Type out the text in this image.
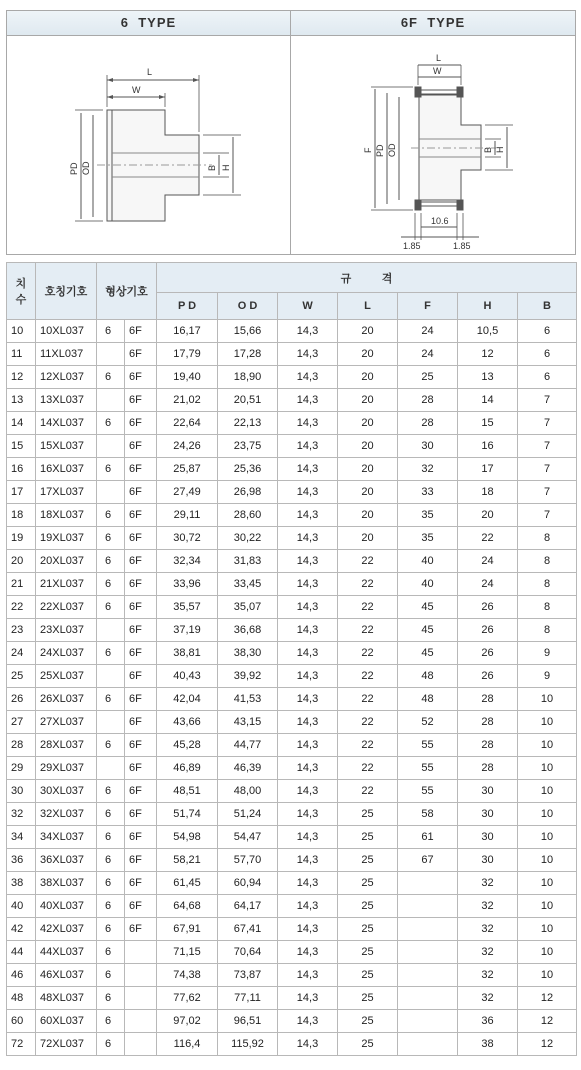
6  TYPE
L
W
PD OD	B H
6F  TYPE
L
W
F PD OD	B H
10.6
1.85	1.85
치
수	호칭기호	형상기호		규          격						
				P D	O D	W	L	F	H	B
10	10XL037	6	6F	16,17	15,66	14,3	20	24	10,5	6
11	11XL037		6F	17,79	17,28	14,3	20	24	12	6
12	12XL037	6	6F	19,40	18,90	14,3	20	25	13	6
13	13XL037		6F	21,02	20,51	14,3	20	28	14	7
14	14XL037	6	6F	22,64	22,13	14,3	20	28	15	7
15	15XL037		6F	24,26	23,75	14,3	20	30	16	7
16	16XL037	6	6F	25,87	25,36	14,3	20	32	17	7
17	17XL037		6F	27,49	26,98	14,3	20	33	18	7
18	18XL037	6	6F	29,11	28,60	14,3	20	35	20	7
19	19XL037	6	6F	30,72	30,22	14,3	20	35	22	8
20	20XL037	6	6F	32,34	31,83	14,3	22	40	24	8
21	21XL037	6	6F	33,96	33,45	14,3	22	40	24	8
22	22XL037	6	6F	35,57	35,07	14,3	22	45	26	8
23	23XL037		6F	37,19	36,68	14,3	22	45	26	8
24	24XL037	6	6F	38,81	38,30	14,3	22	45	26	9
25	25XL037		6F	40,43	39,92	14,3	22	48	26	9
26	26XL037	6	6F	42,04	41,53	14,3	22	48	28	10
27	27XL037		6F	43,66	43,15	14,3	22	52	28	10
28	28XL037	6	6F	45,28	44,77	14,3	22	55	28	10
29	29XL037		6F	46,89	46,39	14,3	22	55	28	10
30	30XL037	6	6F	48,51	48,00	14,3	22	55	30	10
32	32XL037	6	6F	51,74	51,24	14,3	25	58	30	10
34	34XL037	6	6F	54,98	54,47	14,3	25	61	30	10
36	36XL037	6	6F	58,21	57,70	14,3	25	67	30	10
38	38XL037	6	6F	61,45	60,94	14,3	25		32	10
40	40XL037	6	6F	64,68	64,17	14,3	25		32	10
42	42XL037	6	6F	67,91	67,41	14,3	25		32	10
44	44XL037	6		71,15	70,64	14,3	25		32	10
46	46XL037	6		74,38	73,87	14,3	25		32	10
48	48XL037	6		77,62	77,11	14,3	25		32	12
60	60XL037	6		97,02	96,51	14,3	25		36	12
72	72XL037	6		116,4	115,92	14,3	25		38	12
